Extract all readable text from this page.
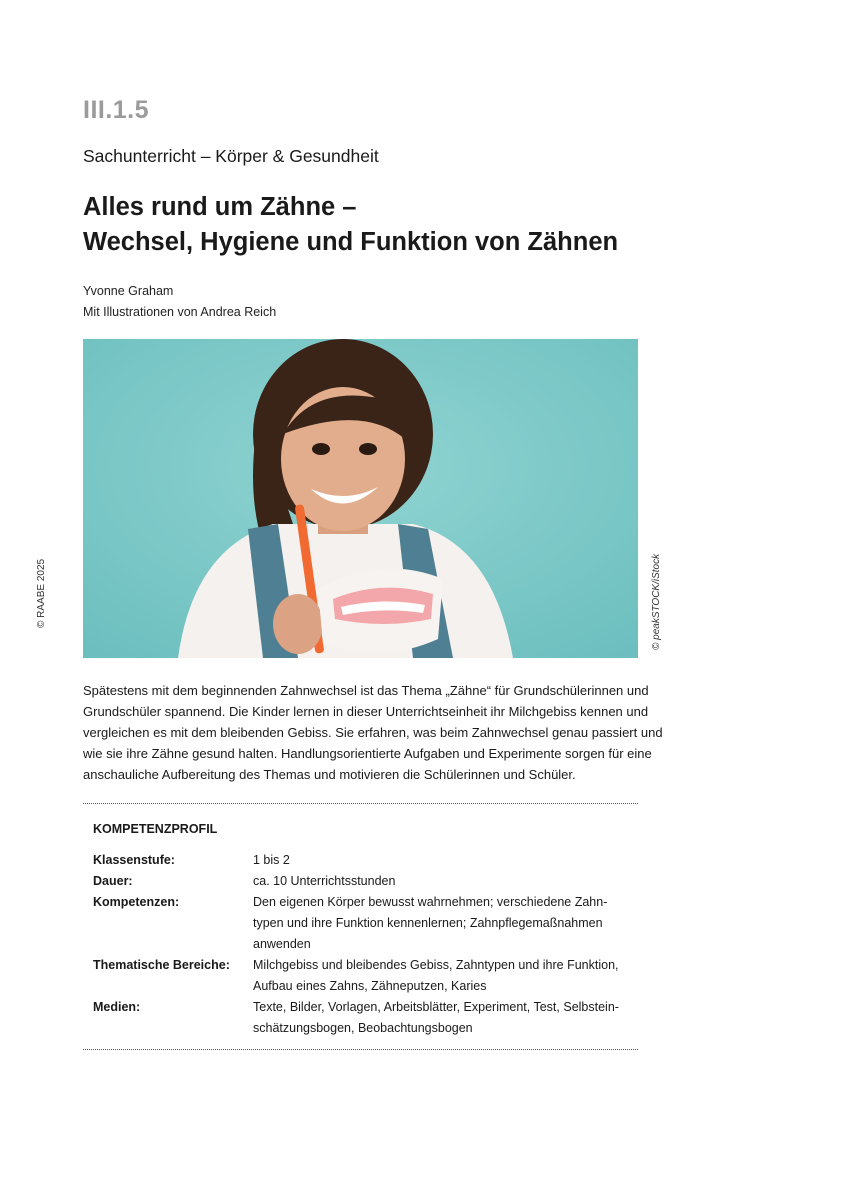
III.1.5
Sachunterricht – Körper & Gesundheit
Alles rund um Zähne –
Wechsel, Hygiene und Funktion von Zähnen
Yvonne Graham
Mit Illustrationen von Andrea Reich
© peakSTOCK/iStock
© RAABE 2025
Spätestens mit dem beginnenden Zahnwechsel ist das Thema „Zähne“ für Grundschülerinnen und
Grundschüler spannend. Die Kinder lernen in dieser Unterrichtseinheit ihr Milchgebiss kennen und
vergleichen es mit dem bleibenden Gebiss. Sie erfahren, was beim Zahnwechsel genau passiert und
wie sie ihre Zähne gesund halten. Handlungsorientierte Aufgaben und Experimente sorgen für eine
anschauliche Aufbereitung des Themas und motivieren die Schülerinnen und Schüler.
KOMPETENZPROFIL
Klassenstufe:	1 bis 2
Dauer:	ca. 10 Unterrichtsstunden
Kompetenzen:	Den eigenen Körper bewusst wahrnehmen; verschiedene Zahn-
typen und ihre Funktion kennenlernen; Zahnpflegemaßnahmen
anwenden
Thematische Bereiche:	Milchgebiss und bleibendes Gebiss, Zahntypen und ihre Funktion,
Aufbau eines Zahns, Zähneputzen, Karies
Medien:	Texte, Bilder, Vorlagen, Arbeitsblätter, Experiment, Test, Selbstein-
schätzungsbogen, Beobachtungsbogen
